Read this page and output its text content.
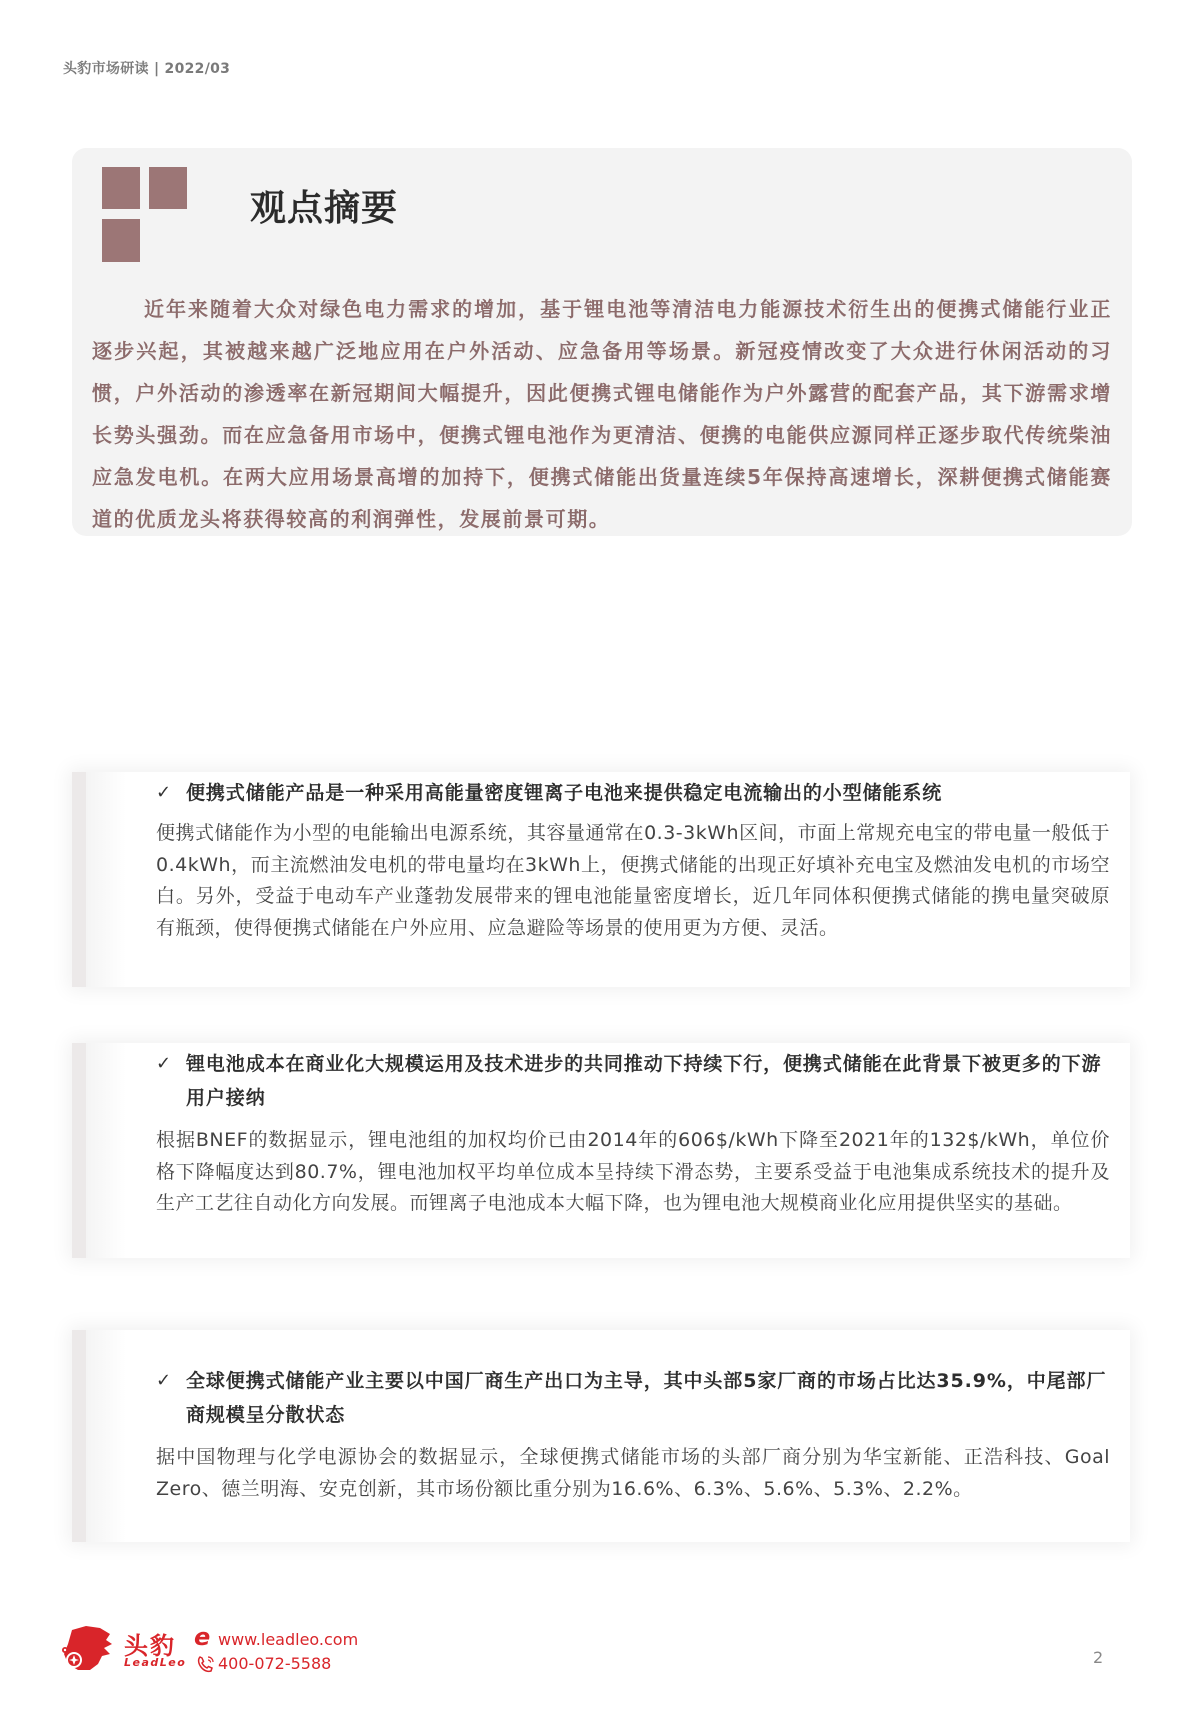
头豹市场研读 | 2022/03
观点摘要

近年来随着大众对绿色电力需求的增加，基于锂电池等清洁电力能源技术衍生出的便携式储能行业正逐步兴起，其被越来越广泛地应用在户外活动、应急备用等场景。新冠疫情改变了大众进行休闲活动的习惯，户外活动的渗透率在新冠期间大幅提升，因此便携式锂电储能作为户外露营的配套产品，其下游需求增长势头强劲。而在应急备用市场中，便携式锂电池作为更清洁、便携的电能供应源同样正逐步取代传统柴油应急发电机。在两大应用场景高增的加持下，便携式储能出货量连续5年保持高速增长，深耕便携式储能赛道的优质龙头将获得较高的利润弹性，发展前景可期。

✓ 便携式储能产品是一种采用高能量密度锂离子电池来提供稳定电流输出的小型储能系统

便携式储能作为小型的电能输出电源系统，其容量通常在0.3-3kWh区间，市面上常规充电宝的带电量一般低于0.4kWh，而主流燃油发电机的带电量均在3kWh上，便携式储能的出现正好填补充电宝及燃油发电机的市场空白。另外，受益于电动车产业蓬勃发展带来的锂电池能量密度增长，近几年同体积便携式储能的携电量突破原有瓶颈，使得便携式储能在户外应用、应急避险等场景的使用更为方便、灵活。

✓ 锂电池成本在商业化大规模运用及技术进步的共同推动下持续下行，便携式储能在此背景下被更多的下游用户接纳

根据BNEF的数据显示，锂电池组的加权均价已由2014年的606$/kWh下降至2021年的132$/kWh，单位价格下降幅度达到80.7%，锂电池加权平均单位成本呈持续下滑态势，主要系受益于电池集成系统技术的提升及生产工艺往自动化方向发展。而锂离子电池成本大幅下降，也为锂电池大规模商业化应用提供坚实的基础。

✓ 全球便携式储能产业主要以中国厂商生产出口为主导，其中头部5家厂商的市场占比达35.9%，中尾部厂商规模呈分散状态

据中国物理与化学电源协会的数据显示，全球便携式储能市场的头部厂商分别为华宝新能、正浩科技、Goal Zero、德兰明海、安克创新，其市场份额比重分别为16.6%、6.3%、5.6%、5.3%、2.2%。

头豹
LeadLeo
e www.leadleo.com
400-072-5588	2
